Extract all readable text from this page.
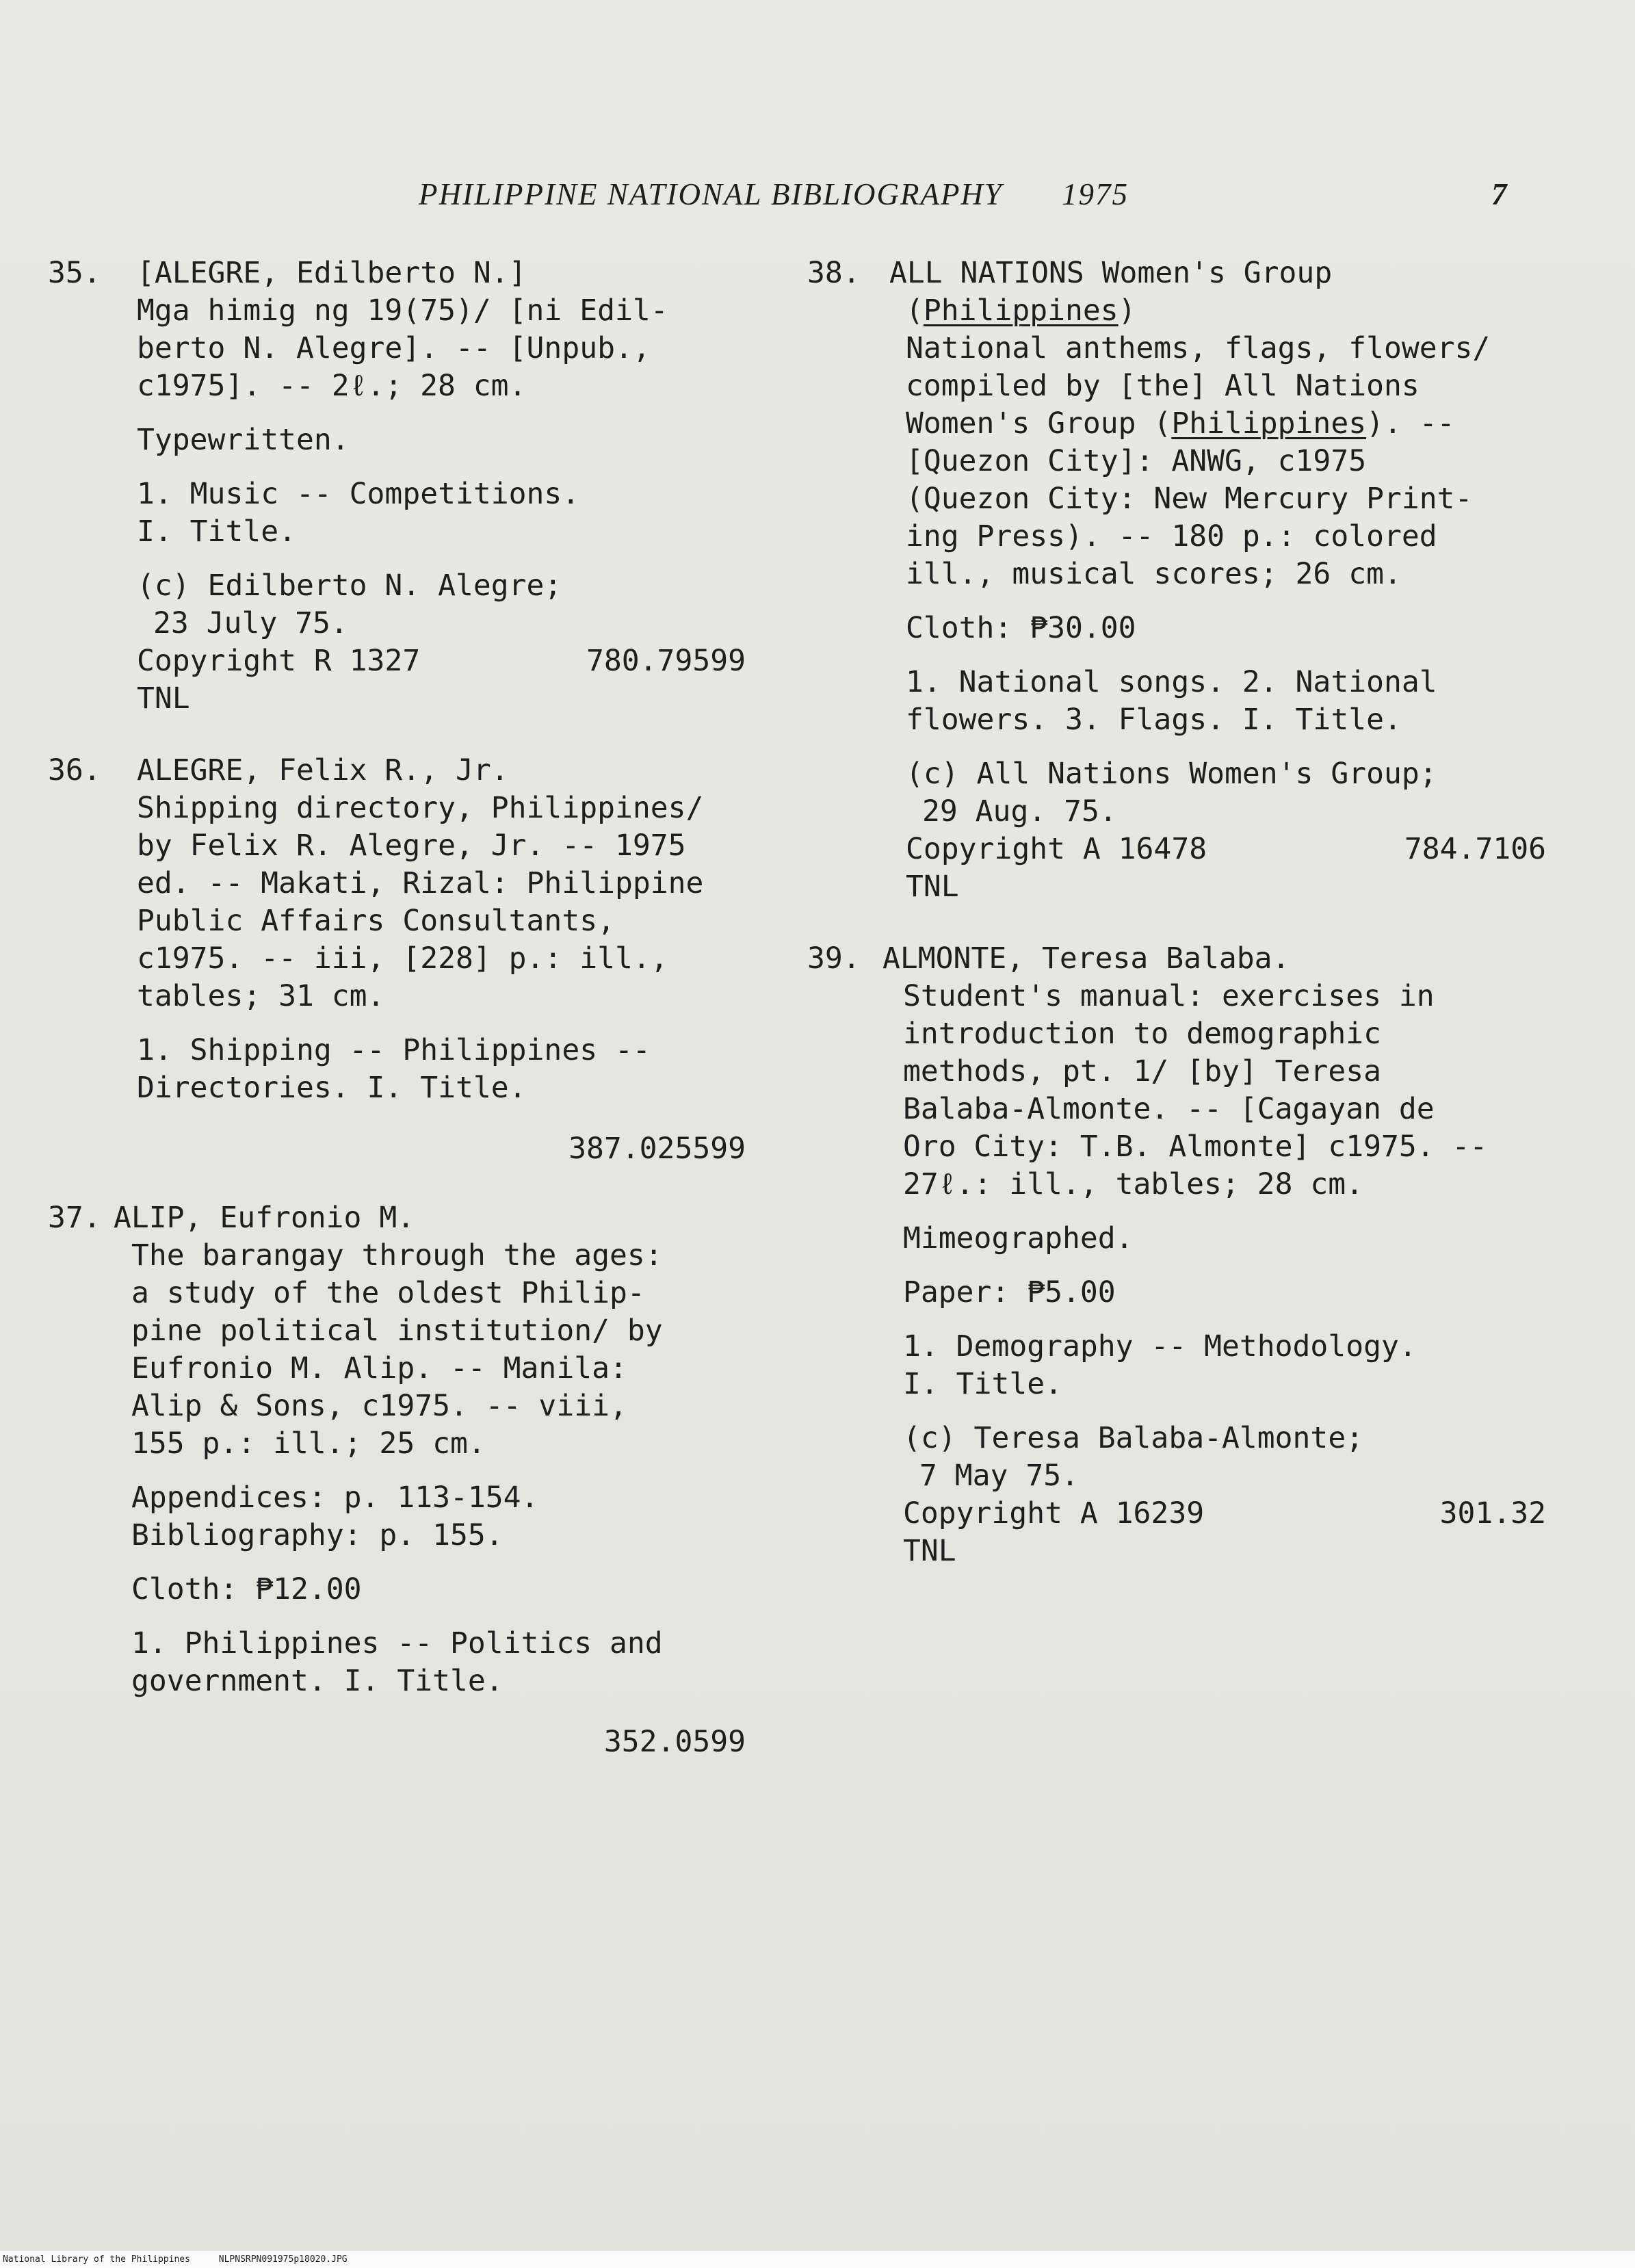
PHILIPPINE NATIONAL BIBLIOGRAPHY 1975	7
35.	[ALEGRE, Edilberto N.]
Mga himig ng 19(75)/ [ni Edil-
berto N. Alegre]. -- [Unpub.,
c1975]. -- 2ℓ.; 28 cm.
Typewritten.
1. Music -- Competitions.
I. Title.
(c) Edilberto N. Alegre;
23 July 75.
Copyright R 1327	780.79599
TNL
36.	ALEGRE, Felix R., Jr.
Shipping directory, Philippines/
by Felix R. Alegre, Jr. -- 1975
ed. -- Makati, Rizal: Philippine
Public Affairs Consultants,
c1975. -- iii, [228] p.: ill.,
tables; 31 cm.
1. Shipping -- Philippines --
Directories. I. Title.
387.025599
37. ALIP, Eufronio M.
The barangay through the ages:
a study of the oldest Philip-
pine political institution/ by
Eufronio M. Alip. -- Manila:
Alip & Sons, c1975. -- viii,
155 p.: ill.; 25 cm.
Appendices: p. 113-154.
Bibliography: p. 155.
Cloth: ₱12.00
1. Philippines -- Politics and
government. I. Title.
352.0599
38. ALL NATIONS Women's Group
(Philippines)
National anthems, flags, flowers/
compiled by [the] All Nations
Women's Group (Philippines). --
[Quezon City]: ANWG, c1975
(Quezon City: New Mercury Print-
ing Press). -- 180 p.: colored
ill., musical scores; 26 cm.
Cloth: ₱30.00
1. National songs. 2. National
flowers. 3. Flags. I. Title.
(c) All Nations Women's Group;
29 Aug. 75.
Copyright A 16478	784.7106
TNL
39. ALMONTE, Teresa Balaba.
Student's manual: exercises in
introduction to demographic
methods, pt. 1/ [by] Teresa
Balaba-Almonte. -- [Cagayan de
Oro City: T.B. Almonte] c1975. --
27ℓ.: ill., tables; 28 cm.
Mimeographed.
Paper: ₱5.00
1. Demography -- Methodology.
I. Title.
(c) Teresa Balaba-Almonte;
7 May 75.
Copyright A 16239	301.32
TNL
National Library of the Philippines	NLPNSRPN091975p18020.JPG
